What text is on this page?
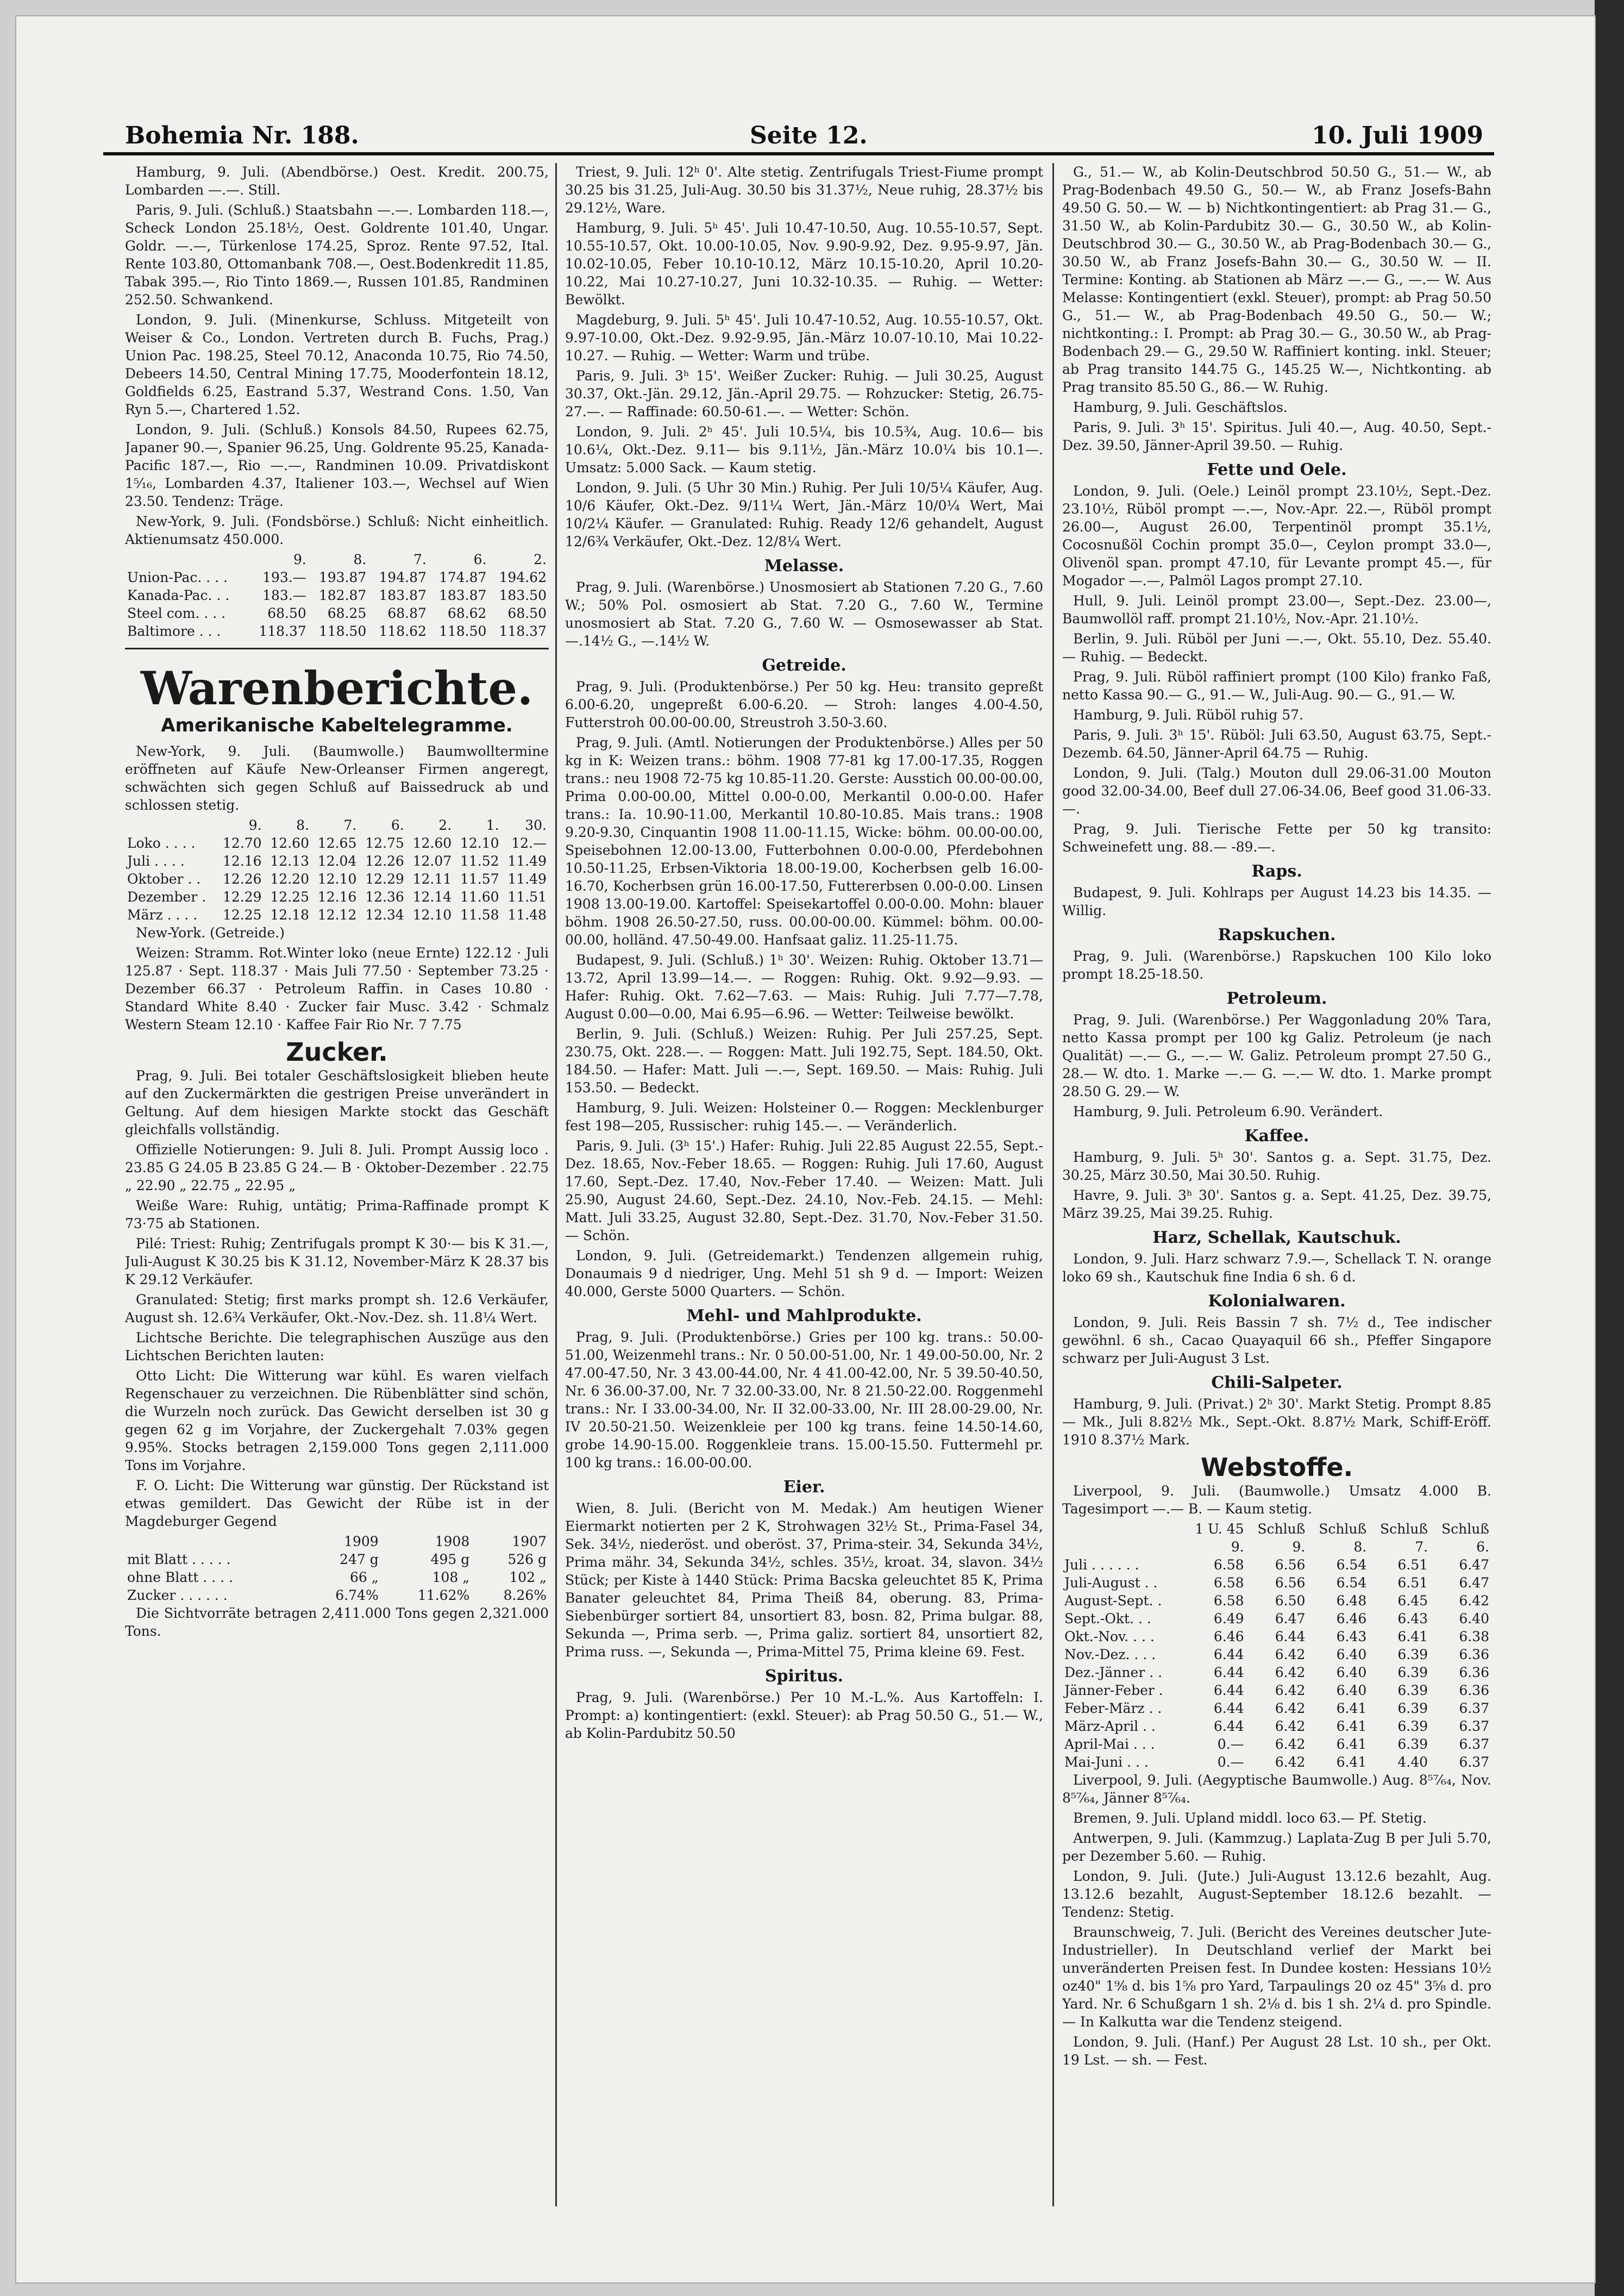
Bohemia Nr. 188.	Seite 12.	10. Juli 1909

Hamburg, 9. Juli. (Abendbörse.) Oest. Kredit. 200.75, Lombarden —.—. Still.

Paris, 9. Juli. (Schluß.) Staatsbahn —.—. Lombarden 118.—, Scheck London 25.18½, Oest. Goldrente 101.40, Ungar. Goldr. —.—, Türkenlose 174.25, Sproz. Rente 97.52, Ital. Rente 103.80, Ottomanbank 708.—, Oest.Bodenkredit 11.85, Tabak 395.—, Rio Tinto 1869.—, Russen 101.85, Randminen 252.50. Schwankend.

London, 9. Juli. (Minenkurse, Schluss. Mitgeteilt von Weiser & Co., London. Vertreten durch B. Fuchs, Prag.) Union Pac. 198.25, Steel 70.12, Anaconda 10.75, Rio 74.50, Debeers 14.50, Central Mining 17.75, Mooderfontein 18.12, Goldfields 6.25, Eastrand 5.37, Westrand Cons. 1.50, Van Ryn 5.—, Chartered 1.52.

London, 9. Juli. (Schluß.) Konsols 84.50, Rupees 62.75, Japaner 90.—, Spanier 96.25, Ung. Goldrente 95.25, Kanada-Pacific 187.—, Rio —.—, Randminen 10.09. Privatdiskont 1⁵⁄₁₆, Lombarden 4.37, Italiener 103.—, Wechsel auf Wien 23.50. Tendenz: Träge.

New-York, 9. Juli. (Fondsbörse.) Schluß: Nicht einheitlich. Aktienumsatz 450.000.

	9.	8.	7.	6.	2.
Union-Pac. . . .	193.—	193.87	194.87	174.87	194.62
Kanada-Pac. . .	183.—	182.87	183.87	183.87	183.50
Steel com. . . .	68.50	68.25	68.87	68.62	68.50
Baltimore . . .	118.37	118.50	118.62	118.50	118.37
Warenberichte.
Amerikanische Kabeltelegramme.

New-York, 9. Juli. (Baumwolle.) Baumwolltermine eröffneten auf Käufe New-Orleanser Firmen angeregt, schwächten sich gegen Schluß auf Baissedruck ab und schlossen stetig.

	9.	8.	7.	6.	2.	1.	30.
Loko . . . .	12.70	12.60	12.65	12.75	12.60	12.10	12.—
Juli . . . .	12.16	12.13	12.04	12.26	12.07	11.52	11.49
Oktober . .	12.26	12.20	12.10	12.29	12.11	11.57	11.49
Dezember .	12.29	12.25	12.16	12.36	12.14	11.60	11.51
März . . . .	12.25	12.18	12.12	12.34	12.10	11.58	11.48

New-York. (Getreide.)

Weizen: Stramm. Rot.Winter loko (neue Ernte) 122.12 · Juli 125.87 · Sept. 118.37 · Mais Juli 77.50 · September 73.25 · Dezember 66.37 · Petroleum Raffin. in Cases 10.80 · Standard White 8.40 · Zucker fair Musc. 3.42 · Schmalz Western Steam 12.10 · Kaffee Fair Rio Nr. 7 7.75

Zucker.

Prag, 9. Juli. Bei totaler Geschäftslosigkeit blieben heute auf den Zuckermärkten die gestrigen Preise unverändert in Geltung. Auf dem hiesigen Markte stockt das Geschäft gleichfalls vollständig.

Offizielle Notierungen: 9. Juli 8. Juli. Prompt Aussig loco . 23.85 G 24.05 B 23.85 G 24.— B · Oktober-Dezember . 22.75 „ 22.90 „ 22.75 „ 22.95 „

Weiße Ware: Ruhig, untätig; Prima-Raffinade prompt K 73·75 ab Stationen.

Pilé: Triest: Ruhig; Zentrifugals prompt K 30·— bis K 31.—, Juli-August K 30.25 bis K 31.12, November-März K 28.37 bis K 29.12 Verkäufer.

Granulated: Stetig; first marks prompt sh. 12.6 Verkäufer, August sh. 12.6¾ Verkäufer, Okt.-Nov.-Dez. sh. 11.8¼ Wert.

Lichtsche Berichte. Die telegraphischen Auszüge aus den Lichtschen Berichten lauten:

Otto Licht: Die Witterung war kühl. Es waren vielfach Regenschauer zu verzeichnen. Die Rübenblätter sind schön, die Wurzeln noch zurück. Das Gewicht derselben ist 30 g gegen 62 g im Vorjahre, der Zuckergehalt 7.03% gegen 9.95%. Stocks betragen 2,159.000 Tons gegen 2,111.000 Tons im Vorjahre.

F. O. Licht: Die Witterung war günstig. Der Rückstand ist etwas gemildert. Das Gewicht der Rübe ist in der Magdeburger Gegend

	1909	1908	1907
mit Blatt . . . . .	247 g	495 g	526 g
ohne Blatt . . . .	66 „	108 „	102 „
Zucker . . . . . .	6.74%	11.62%	8.26%

Die Sichtvorräte betragen 2,411.000 Tons gegen 2,321.000 Tons.

Triest, 9. Juli. 12ʰ 0'. Alte stetig. Zentrifugals Triest-Fiume prompt 30.25 bis 31.25, Juli-Aug. 30.50 bis 31.37½, Neue ruhig, 28.37½ bis 29.12½, Ware.

Hamburg, 9. Juli. 5ʰ 45'. Juli 10.47-10.50, Aug. 10.55-10.57, Sept. 10.55-10.57, Okt. 10.00-10.05, Nov. 9.90-9.92, Dez. 9.95-9.97, Jän. 10.02-10.05, Feber 10.10-10.12, März 10.15-10.20, April 10.20-10.22, Mai 10.27-10.27, Juni 10.32-10.35. — Ruhig. — Wetter: Bewölkt.

Magdeburg, 9. Juli. 5ʰ 45'. Juli 10.47-10.52, Aug. 10.55-10.57, Okt. 9.97-10.00, Okt.-Dez. 9.92-9.95, Jän.-März 10.07-10.10, Mai 10.22-10.27. — Ruhig. — Wetter: Warm und trübe.

Paris, 9. Juli. 3ʰ 15'. Weißer Zucker: Ruhig. — Juli 30.25, August 30.37, Okt.-Jän. 29.12, Jän.-April 29.75. — Rohzucker: Stetig, 26.75-27.—. — Raffinade: 60.50-61.—. — Wetter: Schön.

London, 9. Juli. 2ʰ 45'. Juli 10.5¼, bis 10.5¾, Aug. 10.6— bis 10.6¼, Okt.-Dez. 9.11— bis 9.11½, Jän.-März 10.0¼ bis 10.1—. Umsatz: 5.000 Sack. — Kaum stetig.

London, 9. Juli. (5 Uhr 30 Min.) Ruhig. Per Juli 10/5¼ Käufer, Aug. 10/6 Käufer, Okt.-Dez. 9/11¼ Wert, Jän.-März 10/0¼ Wert, Mai 10/2¼ Käufer. — Granulated: Ruhig. Ready 12/6 gehandelt, August 12/6¾ Verkäufer, Okt.-Dez. 12/8¼ Wert.

Melasse.

Prag, 9. Juli. (Warenbörse.) Unosmosiert ab Stationen 7.20 G., 7.60 W.; 50% Pol. osmosiert ab Stat. 7.20 G., 7.60 W., Termine unosmosiert ab Stat. 7.20 G., 7.60 W. — Osmosewasser ab Stat. —.14½ G., —.14½ W.

Getreide.

Prag, 9. Juli. (Produktenbörse.) Per 50 kg. Heu: transito gepreßt 6.00-6.20, ungepreßt 6.00-6.20. — Stroh: langes 4.00-4.50, Futterstroh 00.00-00.00, Streustroh 3.50-3.60.

Prag, 9. Juli. (Amtl. Notierungen der Produktenbörse.) Alles per 50 kg in K: Weizen trans.: böhm. 1908 77-81 kg 17.00-17.35, Roggen trans.: neu 1908 72-75 kg 10.85-11.20. Gerste: Ausstich 00.00-00.00, Prima 0.00-00.00, Mittel 0.00-0.00, Merkantil 0.00-0.00. Hafer trans.: Ia. 10.90-11.00, Merkantil 10.80-10.85. Mais trans.: 1908 9.20-9.30, Cinquantin 1908 11.00-11.15, Wicke: böhm. 00.00-00.00, Speisebohnen 12.00-13.00, Futterbohnen 0.00-0.00, Pferdebohnen 10.50-11.25, Erbsen-Viktoria 18.00-19.00, Kocherbsen gelb 16.00-16.70, Kocherbsen grün 16.00-17.50, Futtererbsen 0.00-0.00. Linsen 1908 13.00-19.00. Kartoffel: Speisekartoffel 0.00-0.00. Mohn: blauer böhm. 1908 26.50-27.50, russ. 00.00-00.00. Kümmel: böhm. 00.00-00.00, holländ. 47.50-49.00. Hanfsaat galiz. 11.25-11.75.

Budapest, 9. Juli. (Schluß.) 1ʰ 30'. Weizen: Ruhig. Oktober 13.71—13.72, April 13.99—14.—. — Roggen: Ruhig. Okt. 9.92—9.93. — Hafer: Ruhig. Okt. 7.62—7.63. — Mais: Ruhig. Juli 7.77—7.78, August 0.00—0.00, Mai 6.95—6.96. — Wetter: Teilweise bewölkt.

Berlin, 9. Juli. (Schluß.) Weizen: Ruhig. Per Juli 257.25, Sept. 230.75, Okt. 228.—. — Roggen: Matt. Juli 192.75, Sept. 184.50, Okt. 184.50. — Hafer: Matt. Juli —.—, Sept. 169.50. — Mais: Ruhig. Juli 153.50. — Bedeckt.

Hamburg, 9. Juli. Weizen: Holsteiner 0.— Roggen: Mecklenburger fest 198—205, Russischer: ruhig 145.—. — Veränderlich.

Paris, 9. Juli. (3ʰ 15'.) Hafer: Ruhig. Juli 22.85 August 22.55, Sept.-Dez. 18.65, Nov.-Feber 18.65. — Roggen: Ruhig. Juli 17.60, August 17.60, Sept.-Dez. 17.40, Nov.-Feber 17.40. — Weizen: Matt. Juli 25.90, August 24.60, Sept.-Dez. 24.10, Nov.-Feb. 24.15. — Mehl: Matt. Juli 33.25, August 32.80, Sept.-Dez. 31.70, Nov.-Feber 31.50. — Schön.

London, 9. Juli. (Getreidemarkt.) Tendenzen allgemein ruhig, Donaumais 9 d niedriger, Ung. Mehl 51 sh 9 d. — Import: Weizen 40.000, Gerste 5000 Quarters. — Schön.

Mehl- und Mahlprodukte.

Prag, 9. Juli. (Produktenbörse.) Gries per 100 kg. trans.: 50.00-51.00, Weizenmehl trans.: Nr. 0 50.00-51.00, Nr. 1 49.00-50.00, Nr. 2 47.00-47.50, Nr. 3 43.00-44.00, Nr. 4 41.00-42.00, Nr. 5 39.50-40.50, Nr. 6 36.00-37.00, Nr. 7 32.00-33.00, Nr. 8 21.50-22.00. Roggenmehl trans.: Nr. I 33.00-34.00, Nr. II 32.00-33.00, Nr. III 28.00-29.00, Nr. IV 20.50-21.50. Weizenkleie per 100 kg trans. feine 14.50-14.60, grobe 14.90-15.00. Roggenkleie trans. 15.00-15.50. Futtermehl pr. 100 kg trans.: 16.00-00.00.

Eier.

Wien, 8. Juli. (Bericht von M. Medak.) Am heutigen Wiener Eiermarkt notierten per 2 K, Strohwagen 32½ St., Prima-Fasel 34, Sek. 34½, niederöst. und oberöst. 37, Prima-steir. 34, Sekunda 34½, Prima mähr. 34, Sekunda 34½, schles. 35½, kroat. 34, slavon. 34½ Stück; per Kiste à 1440 Stück: Prima Bacska geleuchtet 85 K, Prima Banater geleuchtet 84, Prima Theiß 84, oberung. 83, Prima-Siebenbürger sortiert 84, unsortiert 83, bosn. 82, Prima bulgar. 88, Sekunda —, Prima serb. —, Prima galiz. sortiert 84, unsortiert 82, Prima russ. —, Sekunda —, Prima-Mittel 75, Prima kleine 69. Fest.

Spiritus.

Prag, 9. Juli. (Warenbörse.) Per 10 M.-L.%. Aus Kartoffeln: I. Prompt: a) kontingentiert: (exkl. Steuer): ab Prag 50.50 G., 51.— W., ab Kolin-Pardubitz 50.50

G., 51.— W., ab Kolin-Deutschbrod 50.50 G., 51.— W., ab Prag-Bodenbach 49.50 G., 50.— W., ab Franz Josefs-Bahn 49.50 G. 50.— W. — b) Nichtkontingentiert: ab Prag 31.— G., 31.50 W., ab Kolin-Pardubitz 30.— G., 30.50 W., ab Kolin-Deutschbrod 30.— G., 30.50 W., ab Prag-Bodenbach 30.— G., 30.50 W., ab Franz Josefs-Bahn 30.— G., 30.50 W. — II. Termine: Konting. ab Stationen ab März —.— G., —.— W. Aus Melasse: Kontingentiert (exkl. Steuer), prompt: ab Prag 50.50 G., 51.— W., ab Prag-Bodenbach 49.50 G., 50.— W.; nichtkonting.: I. Prompt: ab Prag 30.— G., 30.50 W., ab Prag-Bodenbach 29.— G., 29.50 W. Raffiniert konting. inkl. Steuer; ab Prag transito 144.75 G., 145.25 W.—, Nichtkonting. ab Prag transito 85.50 G., 86.— W. Ruhig.

Hamburg, 9. Juli. Geschäftslos.

Paris, 9. Juli. 3ʰ 15'. Spiritus. Juli 40.—, Aug. 40.50, Sept.-Dez. 39.50, Jänner-April 39.50. — Ruhig.

Fette und Oele.

London, 9. Juli. (Oele.) Leinöl prompt 23.10½, Sept.-Dez. 23.10½, Rüböl prompt —.—, Nov.-Apr. 22.—, Rüböl prompt 26.00—, August 26.00, Terpentinöl prompt 35.1½, Cocosnußöl Cochin prompt 35.0—, Ceylon prompt 33.0—, Olivenöl span. prompt 47.10, für Levante prompt 45.—, für Mogador —.—, Palmöl Lagos prompt 27.10.

Hull, 9. Juli. Leinöl prompt 23.00—, Sept.-Dez. 23.00—, Baumwollöl raff. prompt 21.10½, Nov.-Apr. 21.10½.

Berlin, 9. Juli. Rüböl per Juni —.—, Okt. 55.10, Dez. 55.40. — Ruhig. — Bedeckt.

Prag, 9. Juli. Rüböl raffiniert prompt (100 Kilo) franko Faß, netto Kassa 90.— G., 91.— W., Juli-Aug. 90.— G., 91.— W.

Hamburg, 9. Juli. Rüböl ruhig 57.

Paris, 9. Juli. 3ʰ 15'. Rüböl: Juli 63.50, August 63.75, Sept.-Dezemb. 64.50, Jänner-April 64.75 — Ruhig.

London, 9. Juli. (Talg.) Mouton dull 29.06-31.00 Mouton good 32.00-34.00, Beef dull 27.06-34.06, Beef good 31.06-33.—.

Prag, 9. Juli. Tierische Fette per 50 kg transito: Schweinefett ung. 88.— -89.—.

Raps.

Budapest, 9. Juli. Kohlraps per August 14.23 bis 14.35. — Willig.

Rapskuchen.

Prag, 9. Juli. (Warenbörse.) Rapskuchen 100 Kilo loko prompt 18.25-18.50.

Petroleum.

Prag, 9. Juli. (Warenbörse.) Per Waggonladung 20% Tara, netto Kassa prompt per 100 kg Galiz. Petroleum (je nach Qualität) —.— G., —.— W. Galiz. Petroleum prompt 27.50 G., 28.— W. dto. 1. Marke —.— G. —.— W. dto. 1. Marke prompt 28.50 G. 29.— W.

Hamburg, 9. Juli. Petroleum 6.90. Verändert.

Kaffee.

Hamburg, 9. Juli. 5ʰ 30'. Santos g. a. Sept. 31.75, Dez. 30.25, März 30.50, Mai 30.50. Ruhig.

Havre, 9. Juli. 3ʰ 30'. Santos g. a. Sept. 41.25, Dez. 39.75, März 39.25, Mai 39.25. Ruhig.

Harz, Schellak, Kautschuk.

London, 9. Juli. Harz schwarz 7.9.—, Schellack T. N. orange loko 69 sh., Kautschuk fine India 6 sh. 6 d.

Kolonialwaren.

London, 9. Juli. Reis Bassin 7 sh. 7½ d., Tee indischer gewöhnl. 6 sh., Cacao Quayaquil 66 sh., Pfeffer Singapore schwarz per Juli-August 3 Lst.

Chili-Salpeter.

Hamburg, 9. Juli. (Privat.) 2ʰ 30'. Markt Stetig. Prompt 8.85— Mk., Juli 8.82½ Mk., Sept.-Okt. 8.87½ Mark, Schiff-Eröff. 1910 8.37½ Mark.

Webstoffe.

Liverpool, 9. Juli. (Baumwolle.) Umsatz 4.000 B. Tagesimport —.— B. — Kaum stetig.

	1 U. 45	Schluß	Schluß	Schluß	Schluß
	9.	9.	8.	7.	6.
Juli . . . . . .	6.58	6.56	6.54	6.51	6.47
Juli-August . .	6.58	6.56	6.54	6.51	6.47
August-Sept. .	6.58	6.50	6.48	6.45	6.42
Sept.-Okt. . .	6.49	6.47	6.46	6.43	6.40
Okt.-Nov. . . .	6.46	6.44	6.43	6.41	6.38
Nov.-Dez. . . .	6.44	6.42	6.40	6.39	6.36
Dez.-Jänner . .	6.44	6.42	6.40	6.39	6.36
Jänner-Feber .	6.44	6.42	6.40	6.39	6.36
Feber-März . .	6.44	6.42	6.41	6.39	6.37
März-April . .	6.44	6.42	6.41	6.39	6.37
April-Mai . . .	0.—	6.42	6.41	6.39	6.37
Mai-Juni . . .	0.—	6.42	6.41	4.40	6.37

Liverpool, 9. Juli. (Aegyptische Baumwolle.) Aug. 8⁵⁷⁄₆₄, Nov. 8⁵⁷⁄₆₄, Jänner 8⁵⁷⁄₆₄.

Bremen, 9. Juli. Upland middl. loco 63.— Pf. Stetig.

Antwerpen, 9. Juli. (Kammzug.) Laplata-Zug B per Juli 5.70, per Dezember 5.60. — Ruhig.

London, 9. Juli. (Jute.) Juli-August 13.12.6 bezahlt, Aug. 13.12.6 bezahlt, August-September 18.12.6 bezahlt. — Tendenz: Stetig.

Braunschweig, 7. Juli. (Bericht des Vereines deutscher Jute-Industrieller). In Deutschland verlief der Markt bei unveränderten Preisen fest. In Dundee kosten: Hessians 10½ oz40" 1⁹⁄₈ d. bis 1⁵⁄₈ pro Yard, Tarpaulings 20 oz 45" 3⁵⁄₈ d. pro Yard. Nr. 6 Schußgarn 1 sh. 2⅛ d. bis 1 sh. 2¼ d. pro Spindle. — In Kalkutta war die Tendenz steigend.

London, 9. Juli. (Hanf.) Per August 28 Lst. 10 sh., per Okt. 19 Lst. — sh. — Fest.
